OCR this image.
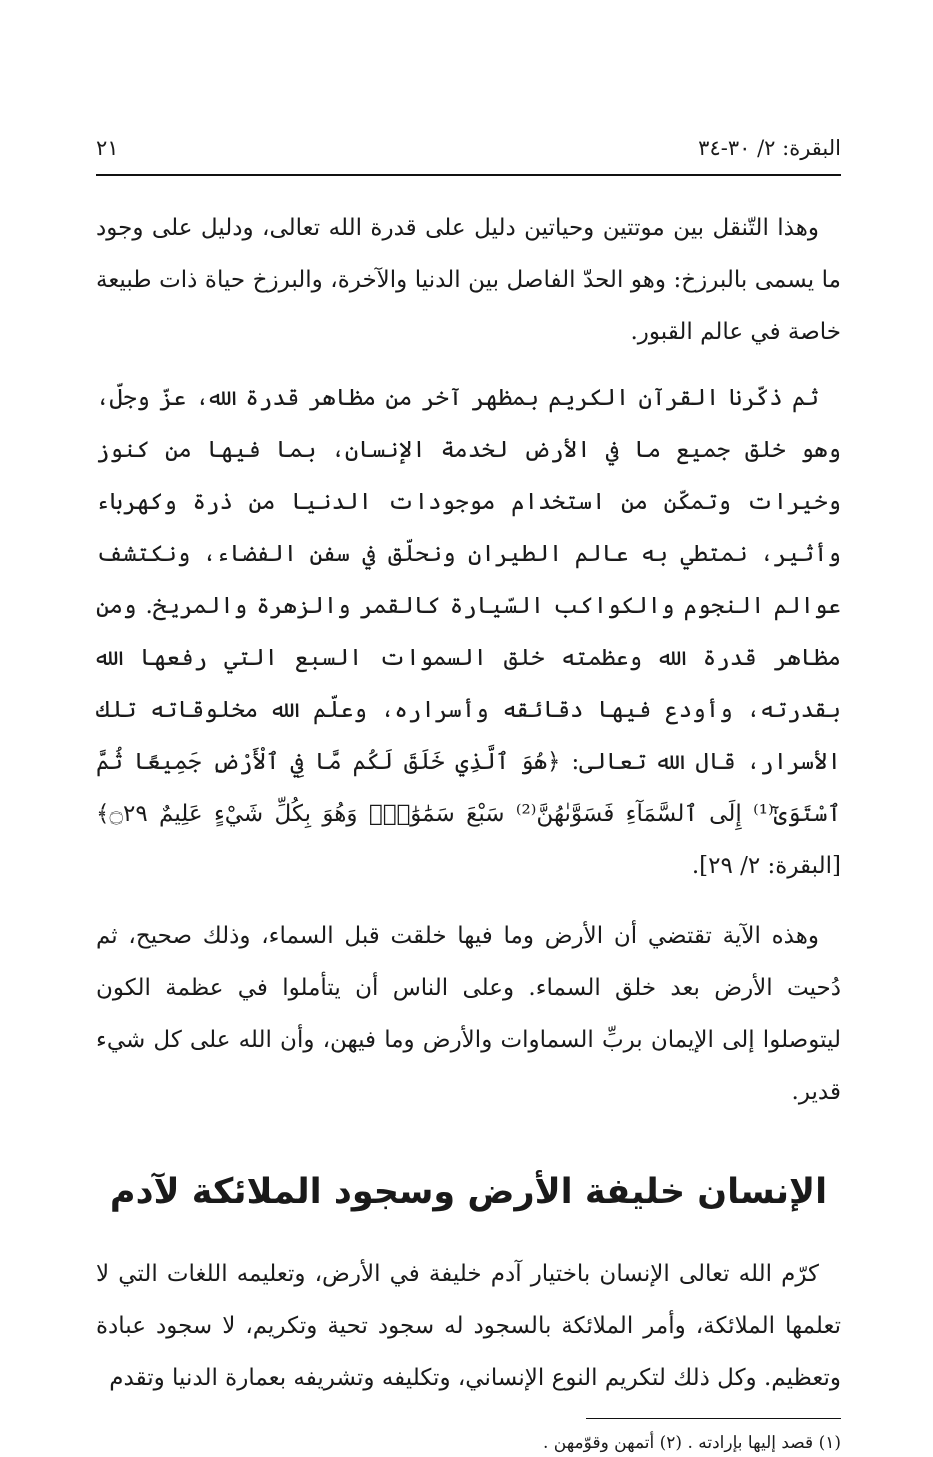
البقرة: ٢/ ٣٠-٣٤
٢١

وهذا التّنقل بين موتتين وحياتين دليل على قدرة الله تعالى، ودليل على وجود ما يسمى بالبرزخ: وهو الحدّ الفاصل بين الدنيا والآخرة، والبرزخ حياة ذات طبيعة خاصة في عالم القبور.

ثم ذكّرنا القرآن الكريم بمظهر آخر من مظاهر قدرة الله، عزّ وجلّ، وهو خلق جميع ما في الأرض لخدمة الإنسان، بما فيها من كنوز وخيرات وتمكّن من استخدام موجودات الدنيا من ذرة وكهرباء وأثير، نمتطي به عالم الطيران ونحلّق في سفن الفضاء، ونكتشف عوالم النجوم والكواكب السّيارة كالقمر والزهرة والمريخ. ومن مظاهر قدرة الله وعظمته خلق السموات السبع التي رفعها الله بقدرته، وأودع فيها دقائقه وأسراره، وعلّم الله مخلوقاته تلك الأسرار، قال الله تعالى: ﴿هُوَ ٱلَّذِي خَلَقَ لَكُم مَّا فِي ٱلْأَرْضِ جَمِيعًا ثُمَّ ٱسْتَوَىٰٓ⁽¹⁾ إِلَى ٱلسَّمَآءِ فَسَوَّىٰهُنَّ⁽²⁾ سَبْعَ سَمَٰوَٰتٍۚ وَهُوَ بِكُلِّ شَيْءٍ عَلِيمٌ ۝٢٩﴾ [البقرة: ٢/ ٢٩].

وهذه الآية تقتضي أن الأرض وما فيها خلقت قبل السماء، وذلك صحيح، ثم دُحيت الأرض بعد خلق السماء. وعلى الناس أن يتأملوا في عظمة الكون ليتوصلوا إلى الإيمان بربِّ السماوات والأرض وما فيهن، وأن الله على كل شيء قدير.

الإنسان خليفة الأرض وسجود الملائكة لآدم

كرّم الله تعالى الإنسان باختيار آدم خليفة في الأرض، وتعليمه اللغات التي لا تعلمها الملائكة، وأمر الملائكة بالسجود له سجود تحية وتكريم، لا سجود عبادة وتعظيم. وكل ذلك لتكريم النوع الإنساني، وتكليفه وتشريفه بعمارة الدنيا وتقدم

(١) قصد إليها بإرادته . (٢) أتمهن وقوّمهن .
